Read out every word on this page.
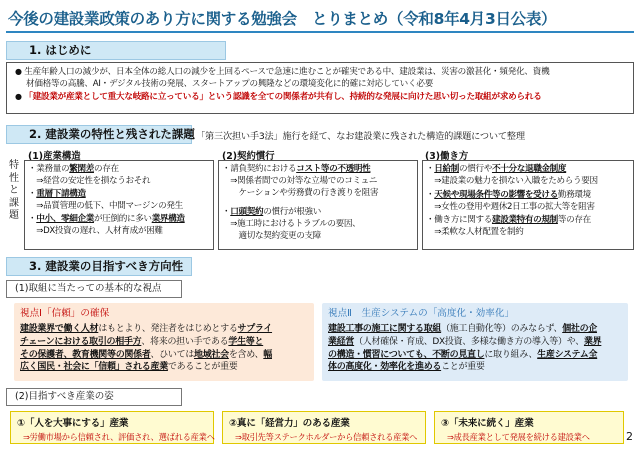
今後の建設業政策のあり方に関する勉強会　とりまとめ（令和8年4月3日公表）
1. はじめに
● 生産年齢人口の減少が、日本全体の総人口の減少を上回るペースで急速に進むことが確実である中、建設業は、災害の激甚化・頻発化、資機
材価格等の高騰、AI・デジタル技術の発展、スタートアップの興隆などの環境変化に的確に対応していく必要
● 「建設業が産業として重大な岐路に立っている」という認識を全ての関係者が共有し、持続的な発展に向けた思い切った取組が求められる
2. 建設業の特性と残された課題 「第三次担い手3法」施行を経て、なお建設業に残された構造的課題について整理
特性と課題
(1)産業構造	(2)契約慣行	(3)働き方
・業務量の繁閑差の存在
　⇒経営の安定性を損なうおそれ
・重層下請構造
　⇒品質管理の低下、中間マージンの発生
・中小、零細企業が圧倒的に多い業界構造
　⇒DX投資の遅れ、人材育成が困難
・請負契約におけるコスト等の不透明性
　⇒関係者間での対等な立場でのコミュニ
　　ケーションや労務費の行き渡りを阻害
・口頭契約の慣行が根強い
　⇒施工時におけるトラブルの要因、
　　適切な契約変更の支障
・日給制の慣行や不十分な退職金制度
　⇒建設業の魅力を損ない入職をためらう要因
・天候や現場条件等の影響を受ける勤務環境
　⇒女性の登用や週休2日工事の拡大等を阻害
・働き方に関する建設業特有の規制等の存在
　⇒柔軟な人材配置を制約
3. 建設業の目指すべき方向性
(1)取組に当たっての基本的な視点
視点Ⅰ「信頼」の確保
建設業界で働く人材はもとより、発注者をはじめとするサプライ
チェーンにおける取引の相手方、将来の担い手である学生等と
その保護者、教育機関等の関係者、ひいては地域社会を含め、幅
広く国民・社会に「信頼」される産業であることが重要
視点Ⅱ　生産システムの「高度化・効率化」
建設工事の施工に関する取組（施工自動化等）のみならず、個社の企
業経営（人材確保・育成、DX投資、多様な働き方の導入等）や、業界
の構造・慣習についても、不断の見直しに取り組み、生産システム全
体の高度化・効率化を進めることが重要
(2)目指すべき産業の姿
①「人を大事にする」産業
⇒労働市場から信頼され、評価され、選ばれる産業へ
②真に「経営力」のある産業
⇒取引先等ステークホルダーから信頼される産業へ
③「未来に続く」産業
⇒成長産業として発展を続ける建設業へ	2
